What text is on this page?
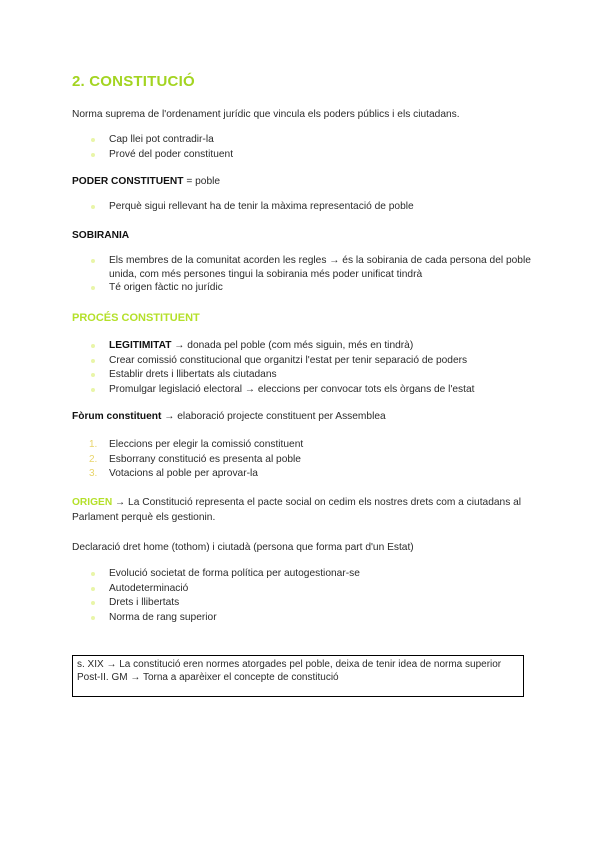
2. CONSTITUCIÓ

Norma suprema de l'ordenament jurídic que vincula els poders públics i els ciutadans.

Cap llei pot contradir-la
Prové del poder constituent

PODER CONSTITUENT = poble

Perquè sigui rellevant ha de tenir la màxima representació de poble

SOBIRANIA

Els membres de la comunitat acorden les regles → és la sobirania de cada persona del poble unida, com més persones tingui la sobirania més poder unificat tindrà
Té origen fàctic no jurídic

PROCÉS CONSTITUENT

LEGITIMITAT → donada pel poble (com més siguin, més en tindrà)
Crear comissió constitucional que organitzi l'estat per tenir separació de poders
Establir drets i llibertats als ciutadans
Promulgar legislació electoral → eleccions per convocar tots els òrgans de l'estat

Fòrum constituent → elaboració projecte constituent per Assemblea

1. Eleccions per elegir la comissió constituent
2. Esborrany constitució es presenta al poble
3. Votacions al poble per aprovar-la

ORIGEN → La Constitució representa el pacte social on cedim els nostres drets com a ciutadans al Parlament perquè els gestionin.

Declaració dret home (tothom) i ciutadà (persona que forma part d'un Estat)

Evolució societat de forma política per autogestionar-se
Autodeterminació
Drets i llibertats
Norma de rang superior
s. XIX → La constitució eren normes atorgades pel poble, deixa de tenir idea de norma superior
Post-II. GM → Torna a aparèixer el concepte de constitució
